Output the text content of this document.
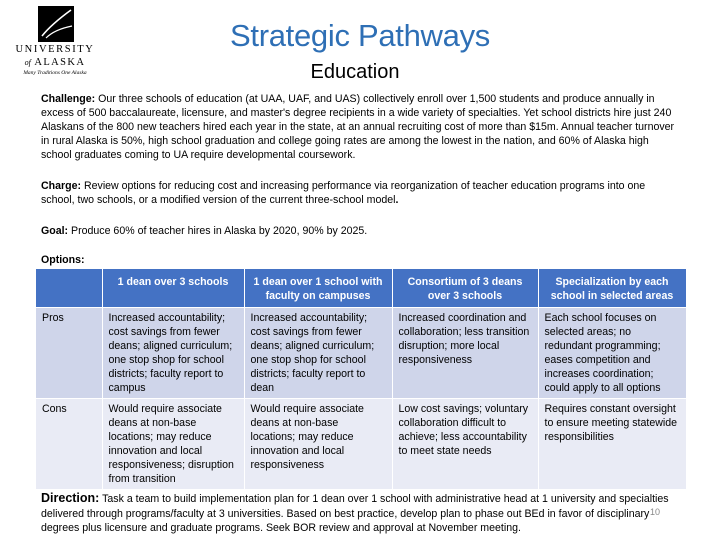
UNIVERSITY
of ALASKA
Many Traditions One Alaska
Strategic Pathways
Education
Challenge: Our three schools of education (at UAA, UAF, and UAS) collectively enroll over 1,500 students and produce annually in excess of 500 baccalaureate, licensure, and master's degree recipients in a wide variety of specialties. Yet school districts hire just 240 Alaskans of the 800 new teachers hired each year in the state, at an annual recruiting cost of more than $15m. Annual teacher turnover in rural Alaska is 50%, high school graduation and college going rates are among the lowest in the nation, and 60% of Alaska high school graduates coming to UA require developmental coursework.
Charge: Review options for reducing cost and increasing performance via reorganization of teacher education programs into one school, two schools, or a modified version of the current three-school model.
Goal: Produce 60% of teacher hires in Alaska by 2020, 90% by 2025.
Options:
	1 dean over 3 schools	1 dean over 1 school with faculty on campuses	Consortium of 3 deans over 3 schools	Specialization by each school in selected areas
Pros	Increased accountability; cost savings from fewer deans; aligned curriculum; one stop shop for school districts; faculty report to campus	Increased accountability; cost savings from fewer deans; aligned curriculum; one stop shop for school districts; faculty report to dean	Increased coordination and collaboration; less transition disruption; more local responsiveness	Each school focuses on selected areas; no redundant programming; eases competition and increases coordination; could apply to all options
Cons	Would require associate deans at non-base locations; may reduce innovation and local responsiveness; disruption from transition	Would require associate deans at non-base locations; may reduce innovation and local responsiveness	Low cost savings; voluntary collaboration difficult to achieve; less accountability to meet state needs	Requires constant oversight to ensure meeting statewide responsibilities
Direction: Task a team to build implementation plan for 1 dean over 1 school with administrative head at 1 university and specialties delivered through programs/faculty at 3 universities. Based on best practice, develop plan to phase out BEd in favor of disciplinary degrees plus licensure and graduate programs. Seek BOR review and approval at November meeting.
10
